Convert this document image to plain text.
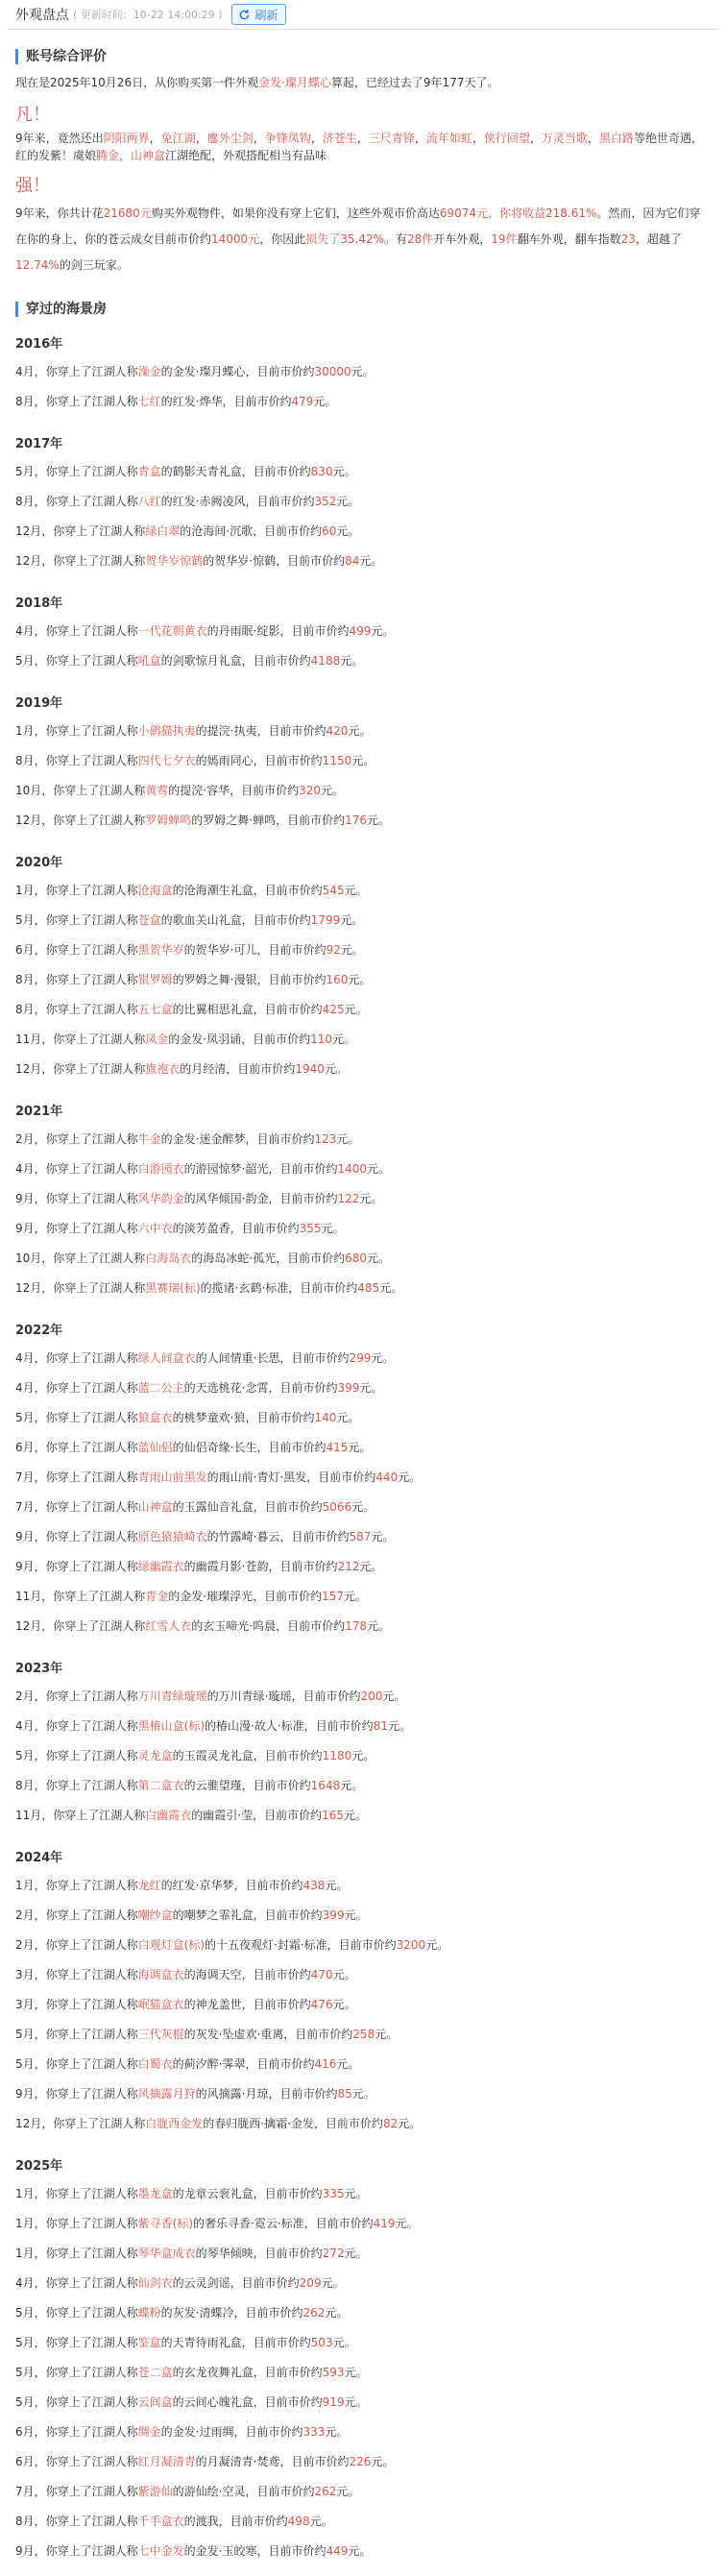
外观盘点 ( 更新时间：10-22 14:00:29 )	刷新
账号综合评价

现在是2025年10月26日，从你购买第一件外观金发·璨月蝶心算起，已经过去了9年177天了。

凡！

9年来，竟然还出阴阳两界，免江湖，鏖外尘剑，争锋凤钩，济苍生，三尺青锋，流年如虹，侠行回望，万灵当歌，黑白路等绝世奇遇，红的发紫！虞娘腾金，山神盒江湖绝配，外观搭配相当有品味

强！

9年来，你共计花21680元购买外观物件，如果你没有穿上它们，这些外观市价高达69074元，你将收益218.61%。然而，因为它们穿在你的身上，你的苍云成女目前市价约14000元，你因此损失了35.42%。有28件开车外观，19件翻车外观，翻车指数23，超越了12.74%的剑三玩家。

穿过的海景房
2016年
4月，你穿上了江湖人称澡金的金发·璨月蝶心，目前市价约30000元。
8月，你穿上了江湖人称七红的红发·烨华，目前市价约479元。
2017年
5月，你穿上了江湖人称青盒的鹤影天青礼盒，目前市价约830元。
8月，你穿上了江湖人称八红的红发·赤阙凌风，目前市价约352元。
12月，你穿上了江湖人称绿白翠的沧海间·沉歌，目前市价约60元。
12月，你穿上了江湖人称贺华岁惊鹤的贺华岁·惊鹤，目前市价约84元。
2018年
4月，你穿上了江湖人称一代花朝黄衣的丹雨眠·绽影，目前市价约499元。
5月，你穿上了江湖人称吼盒的剑歌惊月礼盒，目前市价约4188元。
2019年
1月，你穿上了江湖人称小鹞猫执夷的提浣·执夷，目前市价约420元。
8月，你穿上了江湖人称四代七夕衣的嫣雨同心，目前市价约1150元。
10月，你穿上了江湖人称黄莺的提浣·容华，目前市价约320元。
12月，你穿上了江湖人称罗姆蝉鸣的罗姆之舞·蝉鸣，目前市价约176元。
2020年
1月，你穿上了江湖人称沧海盒的沧海潮生礼盒，目前市价约545元。
5月，你穿上了江湖人称苍盒的歌血关山礼盒，目前市价约1799元。
6月，你穿上了江湖人称黑贺华岁的贺华岁·可儿，目前市价约92元。
8月，你穿上了江湖人称银罗姆的罗姆之舞·漫银，目前市价约160元。
8月，你穿上了江湖人称五七盒的比翼相思礼盒，目前市价约425元。
11月，你穿上了江湖人称凤金的金发·凤羽诵，目前市价约110元。
12月，你穿上了江湖人称旗袍衣的月经清，目前市价约1940元。
2021年
2月，你穿上了江湖人称牛金的金发·迷金醉梦，目前市价约123元。
4月，你穿上了江湖人称白游园衣的游园惊梦·韶光，目前市价约1400元。
9月，你穿上了江湖人称风华韵金的风华倾国·韵金，目前市价约122元。
9月，你穿上了江湖人称六中衣的淡芳盈香，目前市价约355元。
10月，你穿上了江湖人称白海岛衣的海岛冰蛇·孤光，目前市价约680元。
12月，你穿上了江湖人称黑赛瑞(标)的揽诸·玄鹤·标准，目前市价约485元。
2022年
4月，你穿上了江湖人称绿人间盒衣的人间情重·长思，目前市价约299元。
4月，你穿上了江湖人称蓝二公主的天选桃花·念霄，目前市价约399元。
5月，你穿上了江湖人称狼盒衣的桃梦童欢·狼，目前市价约140元。
6月，你穿上了江湖人称蓝仙侣的仙侣奇缘·长生，目前市价约415元。
7月，你穿上了江湖人称青雨山前黑发的雨山前·青灯·黑发，目前市价约440元。
7月，你穿上了江湖人称山神盒的玉露仙音礼盒，目前市价约5066元。
9月，你穿上了江湖人称原色猿猿崎衣的竹露崎·暮云，目前市价约587元。
9月，你穿上了江湖人称绿幽霞衣的幽霞月影·苍韵，目前市价约212元。
11月，你穿上了江湖人称青金的金发·璀璨浮光，目前市价约157元。
12月，你穿上了江湖人称红雪人衣的玄玉啼光·呜晨，目前市价约178元。
2023年
2月，你穿上了江湖人称万川青绿璇瑶的万川青绿·璇瑶，目前市价约200元。
4月，你穿上了江湖人称黑椿山盒(标)的椿山漫·故人·标准，目前市价约81元。
5月，你穿上了江湖人称灵龙盒的玉霞灵龙礼盒，目前市价约1180元。
8月，你穿上了江湖人称第二盒衣的云骓望瑾，目前市价约1648元。
11月，你穿上了江湖人称白幽霞衣的幽霞引·莹，目前市价约165元。
2024年
1月，你穿上了江湖人称龙红的红发·京华梦，目前市价约438元。
2月，你穿上了江湖人称嘲纱盒的嘲梦之霏礼盒，目前市价约399元。
2月，你穿上了江湖人称白观灯盒(标)的十五夜观灯·封霜·标准，目前市价约3200元。
3月，你穿上了江湖人称海调盒衣的海调天空，目前市价约470元。
3月，你穿上了江湖人称岷猫盒衣的神龙盖世，目前市价约476元。
5月，你穿上了江湖人称三代灰棍的灰发·坠虚欢·重离，目前市价约258元。
5月，你穿上了江湖人称白蜀衣的蓟汐醉·霁翠，目前市价约416元。
9月，你穿上了江湖人称风摘露月狩的风摘露·月琼，目前市价约85元。
12月，你穿上了江湖人称白胧西金发的春归胧西·擒霜·金发，目前市价约82元。
2025年
1月，你穿上了江湖人称墨龙盒的龙章云衮礼盒，目前市价约335元。
1月，你穿上了江湖人称紫寻香(标)的奢乐寻香·霓云·标准，目前市价约419元。
1月，你穿上了江湖人称琴华盒成衣的琴华倾映，目前市价约272元。
4月，你穿上了江湖人称仙剑衣的云灵剑谣，目前市价约209元。
5月，你穿上了江湖人称蝶粉的灰发·清蝶冷，目前市价约262元。
5月，你穿上了江湖人称鉴盒的天青待雨礼盒，目前市价约503元。
5月，你穿上了江湖人称苍二盒的玄龙夜舞礼盒，目前市价约593元。
5月，你穿上了江湖人称云间盒的云间心魄礼盒，目前市价约919元。
6月，你穿上了江湖人称绸金的金发·过雨绸，目前市价约333元。
6月，你穿上了江湖人称红月凝清青的月凝清青·焚鸢，目前市价约226元。
7月，你穿上了江湖人称紫游仙的游仙绘·空灵，目前市价约262元。
8月，你穿上了江湖人称千手盒衣的渡我，目前市价约498元。
9月，你穿上了江湖人称七中金发的金发·玉皎寒，目前市价约449元。
